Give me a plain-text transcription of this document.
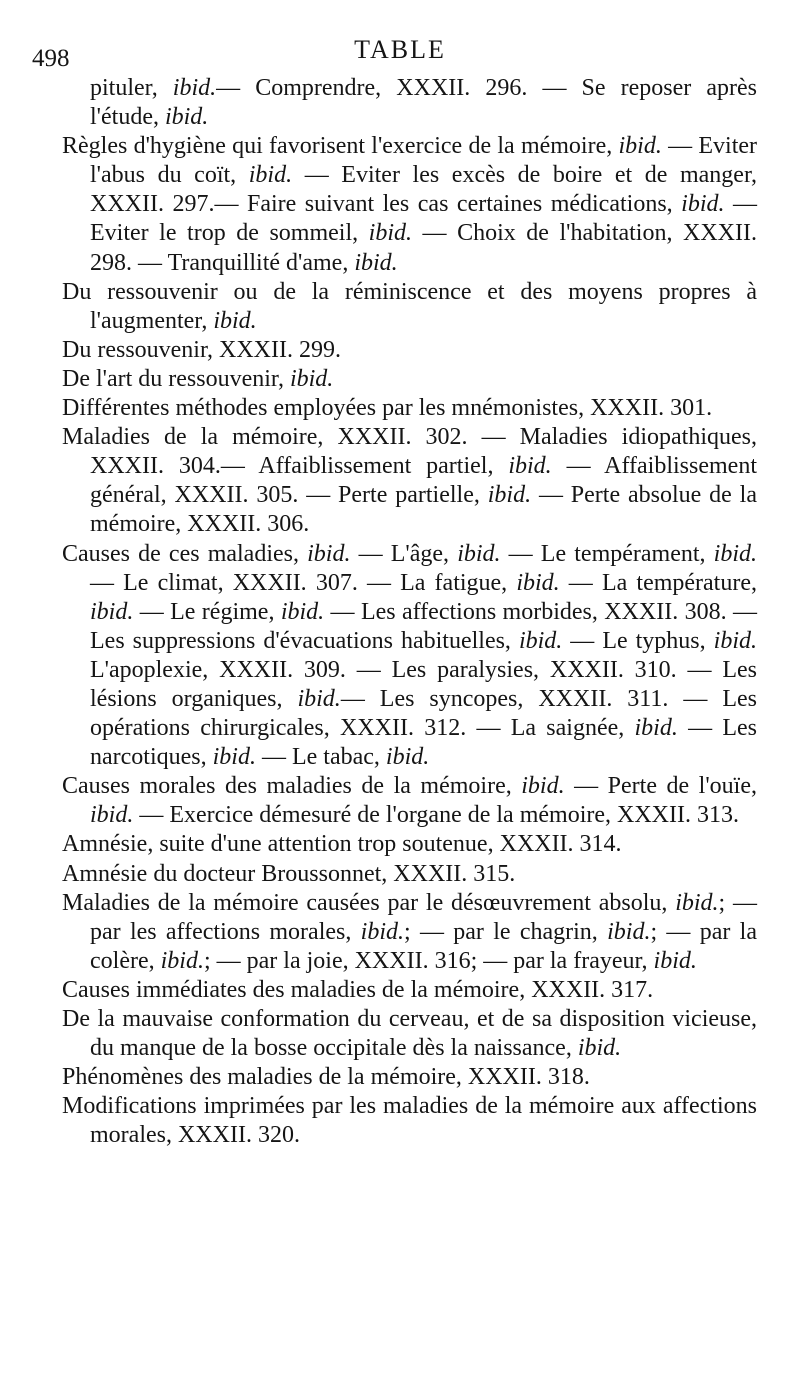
498	TABLE

pituler, ibid.— Comprendre, XXXII. 296. — Se reposer après l'étude, ibid.

Règles d'hygiène qui favorisent l'exercice de la mémoire, ibid. — Eviter l'abus du coït, ibid. — Eviter les excès de boire et de manger, XXXII. 297.— Faire suivant les cas certaines médications, ibid. — Eviter le trop de sommeil, ibid. — Choix de l'habitation, XXXII. 298. — Tranquillité d'ame, ibid.

Du ressouvenir ou de la réminiscence et des moyens propres à l'augmenter, ibid.

Du ressouvenir, XXXII. 299.

De l'art du ressouvenir, ibid.

Différentes méthodes employées par les mnémonistes, XXXII. 301.

Maladies de la mémoire, XXXII. 302. — Maladies idiopathiques, XXXII. 304.— Affaiblissement partiel, ibid. — Affaiblissement général, XXXII. 305. — Perte partielle, ibid. — Perte absolue de la mémoire, XXXII. 306.

Causes de ces maladies, ibid. — L'âge, ibid. — Le tempérament, ibid. — Le climat, XXXII. 307. — La fatigue, ibid. — La température, ibid. — Le régime, ibid. — Les affections morbides, XXXII. 308. — Les suppressions d'évacuations habituelles, ibid. — Le typhus, ibid. L'apoplexie, XXXII. 309. — Les paralysies, XXXII. 310. — Les lésions organiques, ibid.— Les syncopes, XXXII. 311. — Les opérations chirurgicales, XXXII. 312. — La saignée, ibid. — Les narcotiques, ibid. — Le tabac, ibid.

Causes morales des maladies de la mémoire, ibid. — Perte de l'ouïe, ibid. — Exercice démesuré de l'organe de la mémoire, XXXII. 313.

Amnésie, suite d'une attention trop soutenue, XXXII. 314.

Amnésie du docteur Broussonnet, XXXII. 315.

Maladies de la mémoire causées par le désœuvrement absolu, ibid.; — par les affections morales, ibid.; — par le chagrin, ibid.; — par la colère, ibid.; — par la joie, XXXII. 316; — par la frayeur, ibid.

Causes immédiates des maladies de la mémoire, XXXII. 317.

De la mauvaise conformation du cerveau, et de sa disposition vicieuse, du manque de la bosse occipitale dès la naissance, ibid.

Phénomènes des maladies de la mémoire, XXXII. 318.

Modifications imprimées par les maladies de la mémoire aux affections morales, XXXII. 320.
